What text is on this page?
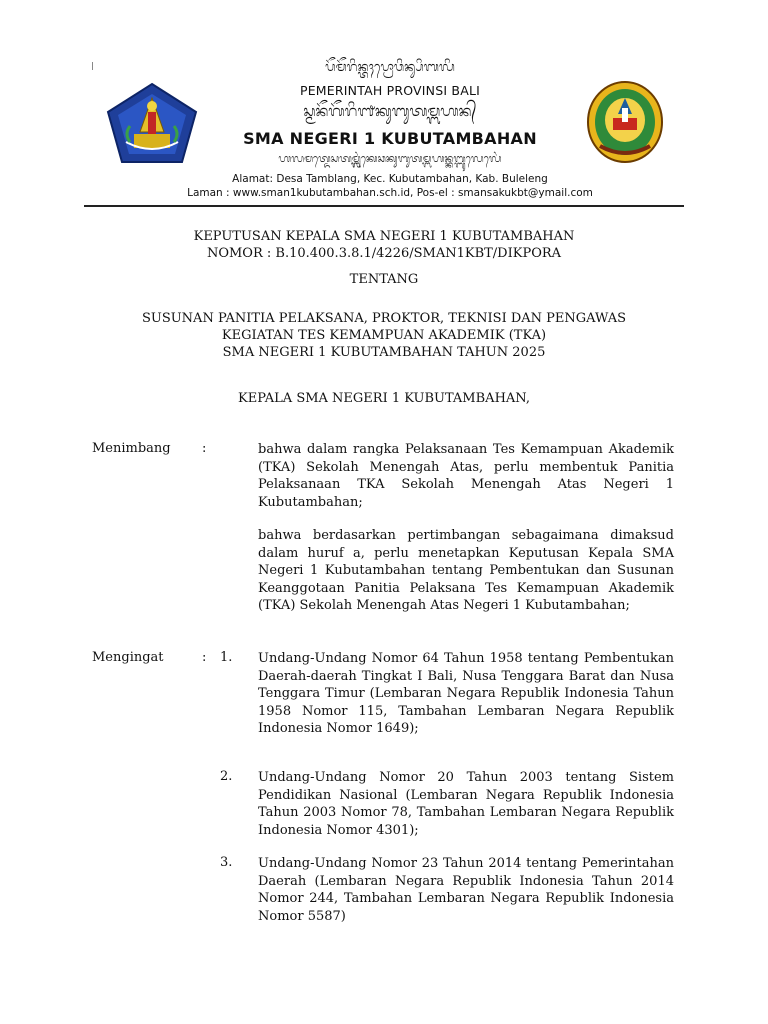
ᬧᭂᬫᭂᬭᬶᬦ᭄ᬢᬄᬧ᭄ᬭᭀᬯᬶᬦ᭄ᬲᬶᬩᬮᬶ
PEMERINTAH PROVINSI BALI
ᬲ᭄ᬫᬦᭂᬕᭂᬭᬶ᭑ᬓᬸᬩᬸᬢᬫ᭄ᬩᬳᬦ᭄
SMA NEGERI 1 KUBUTAMBAHAN
ᬳᬮᬫᬢ᭄ᬤᬾᬲᬢᬫ᭄ᬩ᭄ᬮᬂᬓᬾᬘᬓᬸᬩᬸᬢᬫ᭄ᬩᬳᬦ᭄ᬓᬩ᭄ᬩᬸᬮᬾᬮᬾᬂ
Alamat: Desa Tamblang, Kec. Kubutambahan, Kab. Buleleng
Laman : www.sman1kubutambahan.sch.id, Pos-el : smansakukbt@ymail.com
KEPUTUSAN KEPALA SMA NEGERI 1 KUBUTAMBAHAN
NOMOR : B.10.400.3.8.1/4226/SMAN1KBT/DIKPORA
TENTANG
SUSUNAN PANITIA PELAKSANA, PROKTOR, TEKNISI DAN PENGAWAS
KEGIATAN TES KEMAMPUAN AKADEMIK (TKA)
SMA NEGERI 1 KUBUTAMBAHAN TAHUN 2025
KEPALA SMA NEGERI 1 KUBUTAMBAHAN,
Menimbang :	bahwa dalam rangka Pelaksanaan Tes Kemampuan Akademik (TKA) Sekolah Menengah Atas, perlu membentuk Panitia Pelaksanaan TKA Sekolah Menengah Atas Negeri 1 Kubutambahan;

bahwa berdasarkan pertimbangan sebagaimana dimaksud dalam huruf a, perlu menetapkan Keputusan Kepala SMA Negeri 1 Kubutambahan tentang Pembentukan dan Susunan Keanggotaan Panitia Pelaksana Tes Kemampuan Akademik (TKA) Sekolah Menengah Atas Negeri 1 Kubutambahan;

Mengingat	: 1. Undang-Undang Nomor 64 Tahun 1958 tentang Pembentukan Daerah-daerah Tingkat I Bali, Nusa Tenggara Barat dan Nusa Tenggara Timur (Lembaran Negara Republik Indonesia Tahun 1958 Nomor 115, Tambahan Lembaran Negara Republik Indonesia Nomor 1649);

2. Undang-Undang Nomor 20 Tahun 2003 tentang Sistem Pendidikan Nasional (Lembaran Negara Republik Indonesia Tahun 2003 Nomor 78, Tambahan Lembaran Negara Republik Indonesia Nomor 4301);

3. Undang-Undang Nomor 23 Tahun 2014 tentang Pemerintahan Daerah (Lembaran Negara Republik Indonesia Tahun 2014 Nomor 244, Tambahan Lembaran Negara Republik Indonesia Nomor 5587)
